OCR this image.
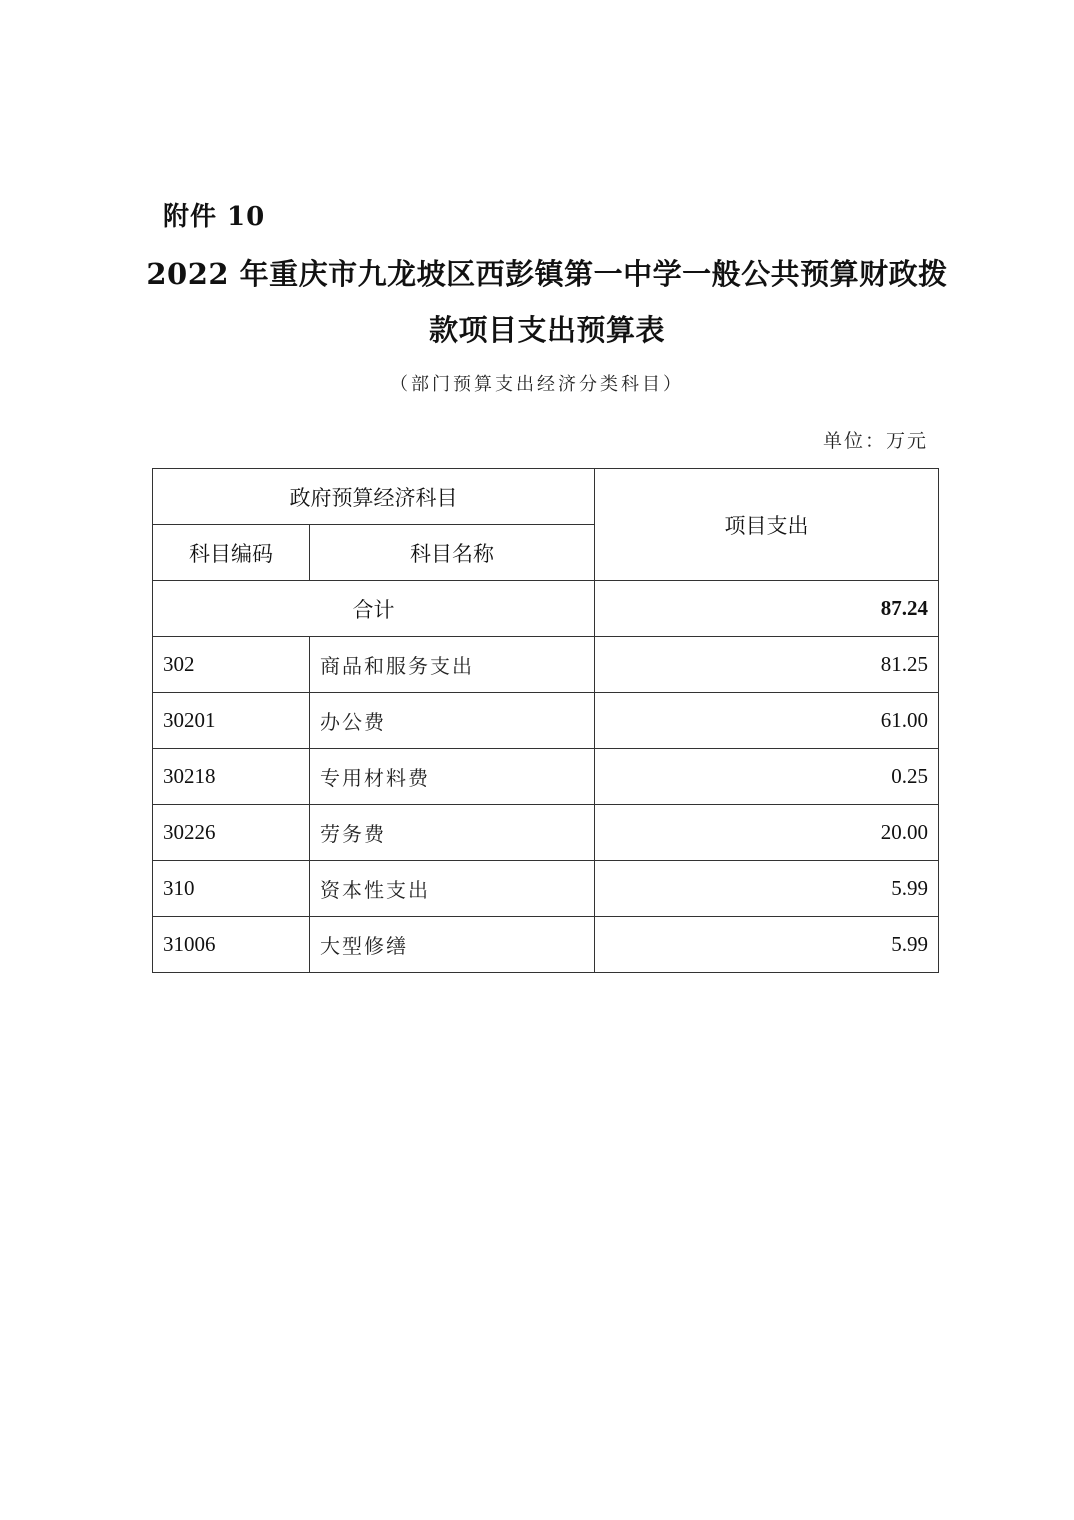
附件 10
2022 年重庆市九龙坡区西彭镇第一中学一般公共预算财政拨
款项目支出预算表
（部门预算支出经济分类科目）
单位：万元
政府预算经济科目		项目支出
科目编码	科目名称	
合计		87.24
302	商品和服务支出	81.25
30201	办公费	61.00
30218	专用材料费	0.25
30226	劳务费	20.00
310	资本性支出	5.99
31006	大型修缮	5.99
